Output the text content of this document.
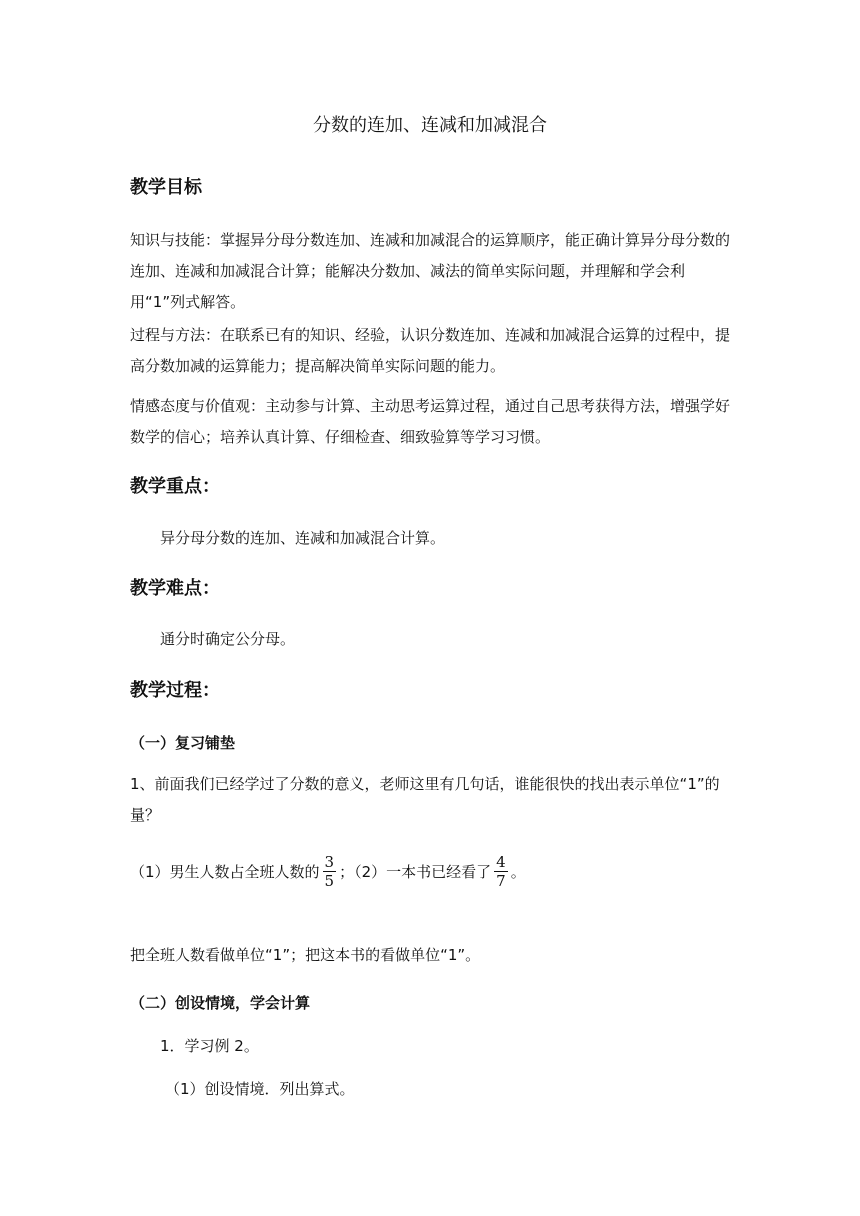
分数的连加、连减和加减混合
教学目标
知识与技能：掌握异分母分数连加、连减和加减混合的运算顺序，能正确计算异分母分数的连加、连减和加减混合计算；能解决分数加、减法的简单实际问题，并理解和学会利用“1”列式解答。
过程与方法：在联系已有的知识、经验，认识分数连加、连减和加减混合运算的过程中，提高分数加减的运算能力；提高解决简单实际问题的能力。
情感态度与价值观：主动参与计算、主动思考运算过程，通过自己思考获得方法，增强学好数学的信心；培养认真计算、仔细检查、细致验算等学习习惯。
教学重点：
异分母分数的连加、连减和加减混合计算。
教学难点：
通分时确定公分母。
教学过程：
（一）复习铺垫
1、前面我们已经学过了分数的意义，老师这里有几句话，谁能很快的找出表示单位“1”的量？
（1）男生人数占全班人数的 $\frac{3}{5}$ ；（2）一本书已经看了 $\frac{4}{7}$ 。
把全班人数看做单位“1”；把这本书的看做单位“1”。
（二）创设情境，学会计算
1．学习例 2。
（1）创设情境．列出算式。
